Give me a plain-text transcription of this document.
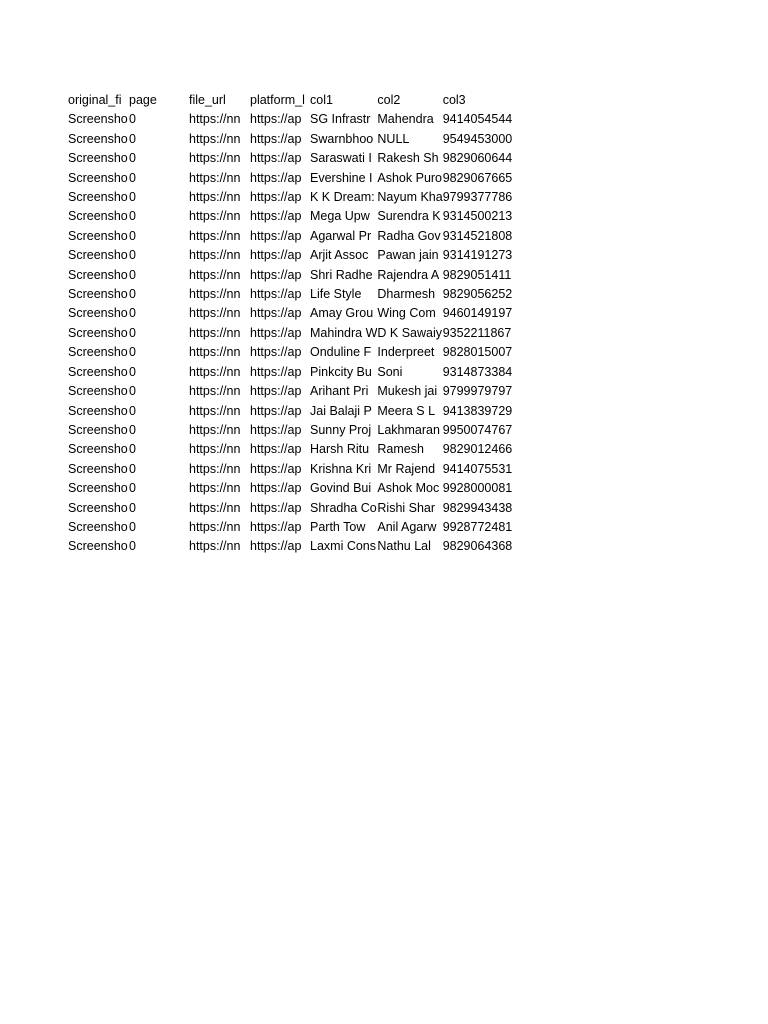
original_fi	page	file_url	platform_l	col1	col2	col3
Screensho	0	https://nn	https://ap	SG Infrastr	Mahendra	9414054544
Screensho	0	https://nn	https://ap	Swarnbhoo	NULL	9549453000
Screensho	0	https://nn	https://ap	Saraswati I	Rakesh Sh	9829060644
Screensho	0	https://nn	https://ap	Evershine I	Ashok Puro	9829067665
Screensho	0	https://nn	https://ap	K K Dream:	Nayum Kha	9799377786
Screensho	0	https://nn	https://ap	Mega Upw	Surendra K	9314500213
Screensho	0	https://nn	https://ap	Agarwal Pr	Radha Gov	9314521808
Screensho	0	https://nn	https://ap	Arjit Assoc	Pawan jain	9314191273
Screensho	0	https://nn	https://ap	Shri Radhe	Rajendra A	9829051411
Screensho	0	https://nn	https://ap	Life Style	Dharmesh	9829056252
Screensho	0	https://nn	https://ap	Amay Grou	Wing Com	9460149197
Screensho	0	https://nn	https://ap	Mahindra W	D K Sawaiy	9352211867
Screensho	0	https://nn	https://ap	Onduline F	Inderpreet	9828015007
Screensho	0	https://nn	https://ap	Pinkcity Bu	Soni	9314873384
Screensho	0	https://nn	https://ap	Arihant Pri	Mukesh jai	9799979797
Screensho	0	https://nn	https://ap	Jai Balaji P	Meera S L	9413839729
Screensho	0	https://nn	https://ap	Sunny Proj	Lakhmaran	9950074767
Screensho	0	https://nn	https://ap	Harsh Ritu	Ramesh	9829012466
Screensho	0	https://nn	https://ap	Krishna Kri	Mr Rajend	9414075531
Screensho	0	https://nn	https://ap	Govind Bui	Ashok Moc	9928000081
Screensho	0	https://nn	https://ap	Shradha Co	Rishi Shar	9829943438
Screensho	0	https://nn	https://ap	Parth Tow	Anil Agarw	9928772481
Screensho	0	https://nn	https://ap	Laxmi Cons	Nathu Lal	9829064368
